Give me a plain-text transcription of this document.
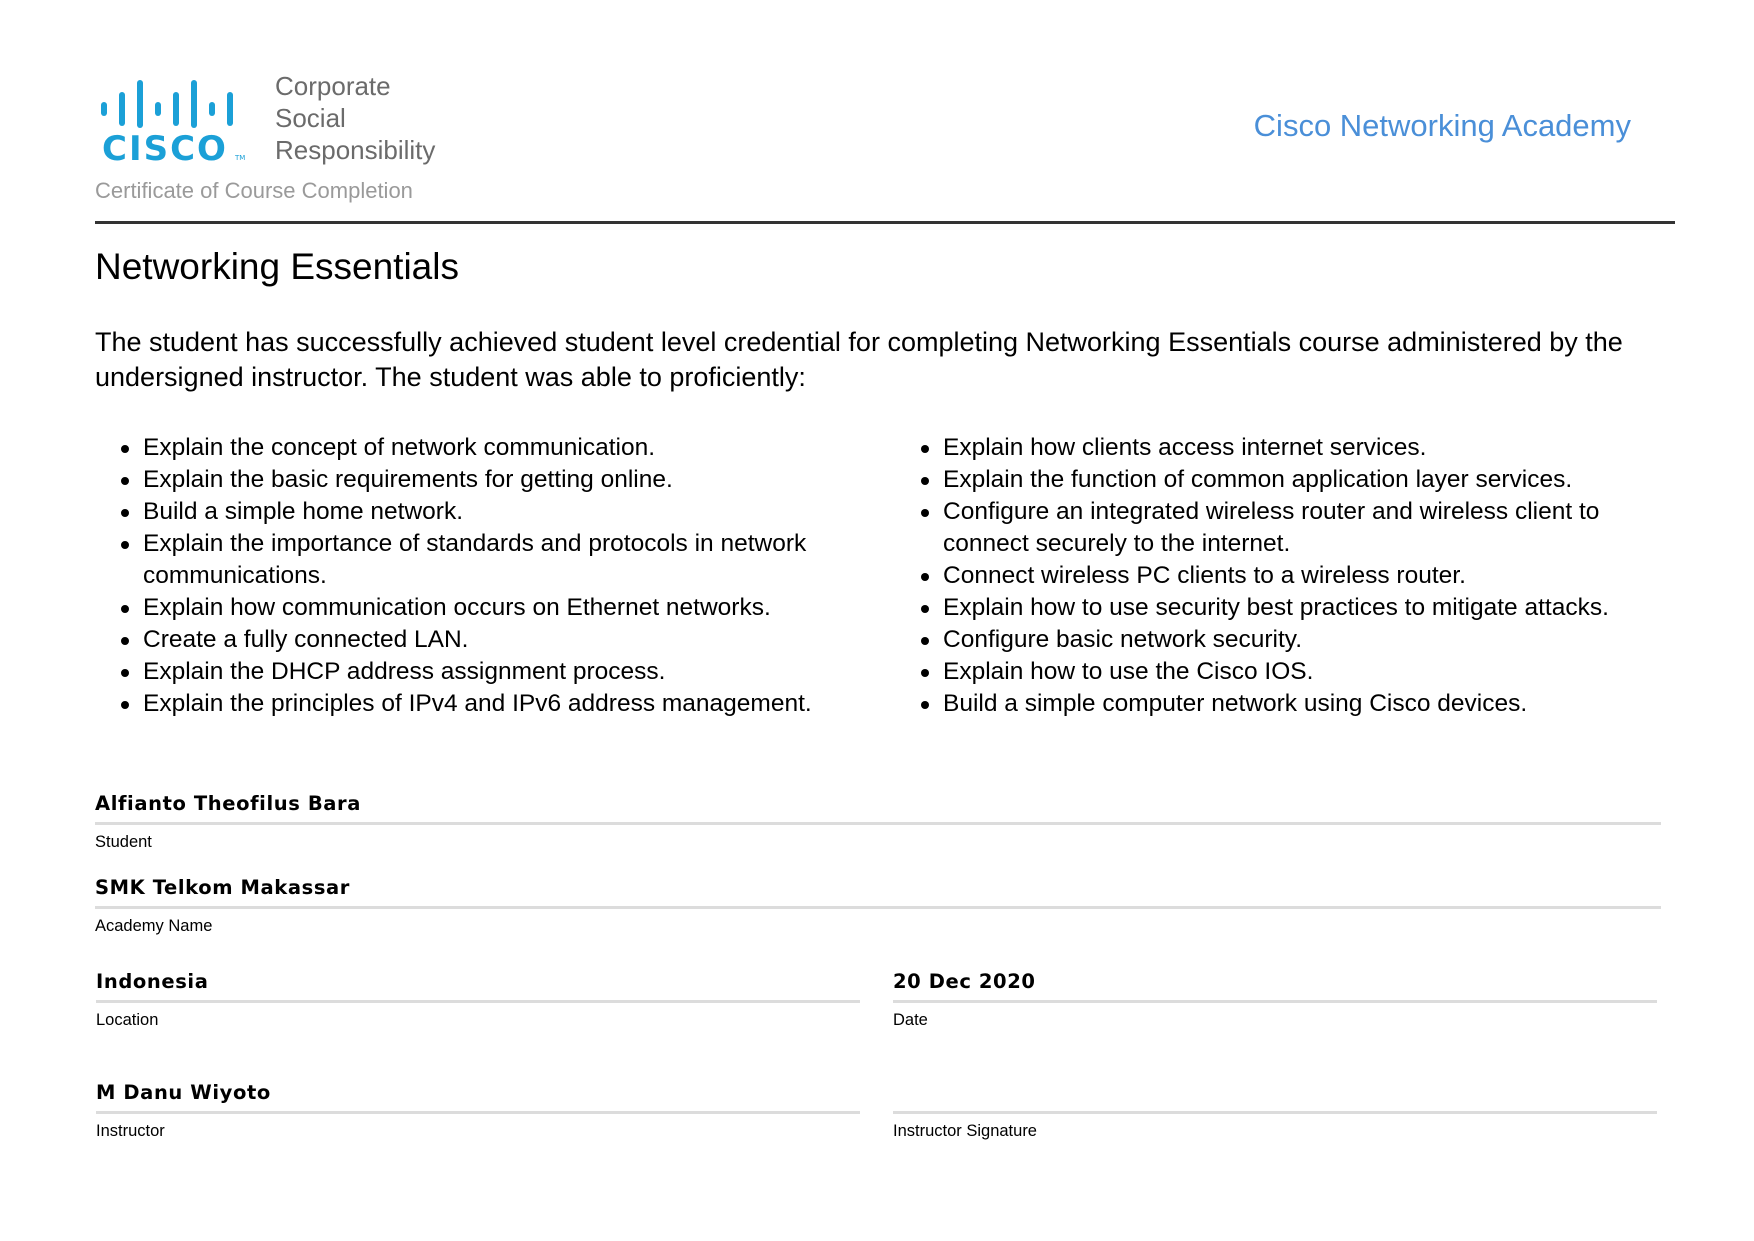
CISCO TM
Corporate
Social
Responsibility
Certificate of Course Completion
Cisco Networking Academy
Networking Essentials
The student has successfully achieved student level credential for completing Networking Essentials course administered by the undersigned instructor. The student was able to proficiently:
Explain the concept of network communication.
Explain the basic requirements for getting online.
Build a simple home network.
Explain the importance of standards and protocols in network communications.
Explain how communication occurs on Ethernet networks.
Create a fully connected LAN.
Explain the DHCP address assignment process.
Explain the principles of IPv4 and IPv6 address management.
Explain how clients access internet services.
Explain the function of common application layer services.
Configure an integrated wireless router and wireless client to connect securely to the internet.
Connect wireless PC clients to a wireless router.
Explain how to use security best practices to mitigate attacks.
Configure basic network security.
Explain how to use the Cisco IOS.
Build a simple computer network using Cisco devices.
Alfianto Theofilus Bara
Student
SMK Telkom Makassar
Academy Name
Indonesia
Location
20 Dec 2020
Date
M Danu Wiyoto
Instructor	Instructor Signature
